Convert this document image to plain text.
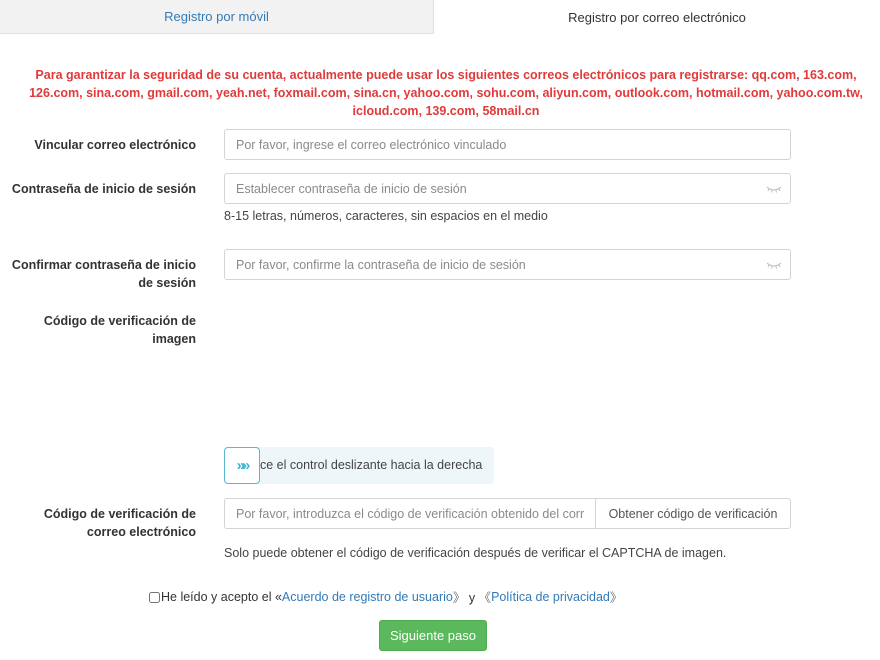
Registro por móvil	Registro por correo electrónico
Para garantizar la seguridad de su cuenta, actualmente puede usar los siguientes correos electrónicos para registrarse: qq.com, 163.com, 126.com, sina.com, gmail.com, yeah.net, foxmail.com, sina.cn, yahoo.com, sohu.com, aliyun.com, outlook.com, hotmail.com, yahoo.com.tw, icloud.com, 139.com, 58mail.cn
Vincular correo electrónico
Por favor, ingrese el correo electrónico vinculado
Contraseña de inicio de sesión
8-15 letras, números, caracteres, sin espacios en el medio
Confirmar contraseña de inicio
de sesión
Código de verificación de
imagen
»» ce el control deslizante hacia la derecha
Código de verificación de
correo electrónico
Por favor, introduzca el código de verificación obtenido del correo
Obtener código de verificación
Solo puede obtener el código de verificación después de verificar el CAPTCHA de imagen.
He leído y acepto el « Acuerdo de registro de usuario 》 y 《 Política de privacidad 》
Siguiente paso
